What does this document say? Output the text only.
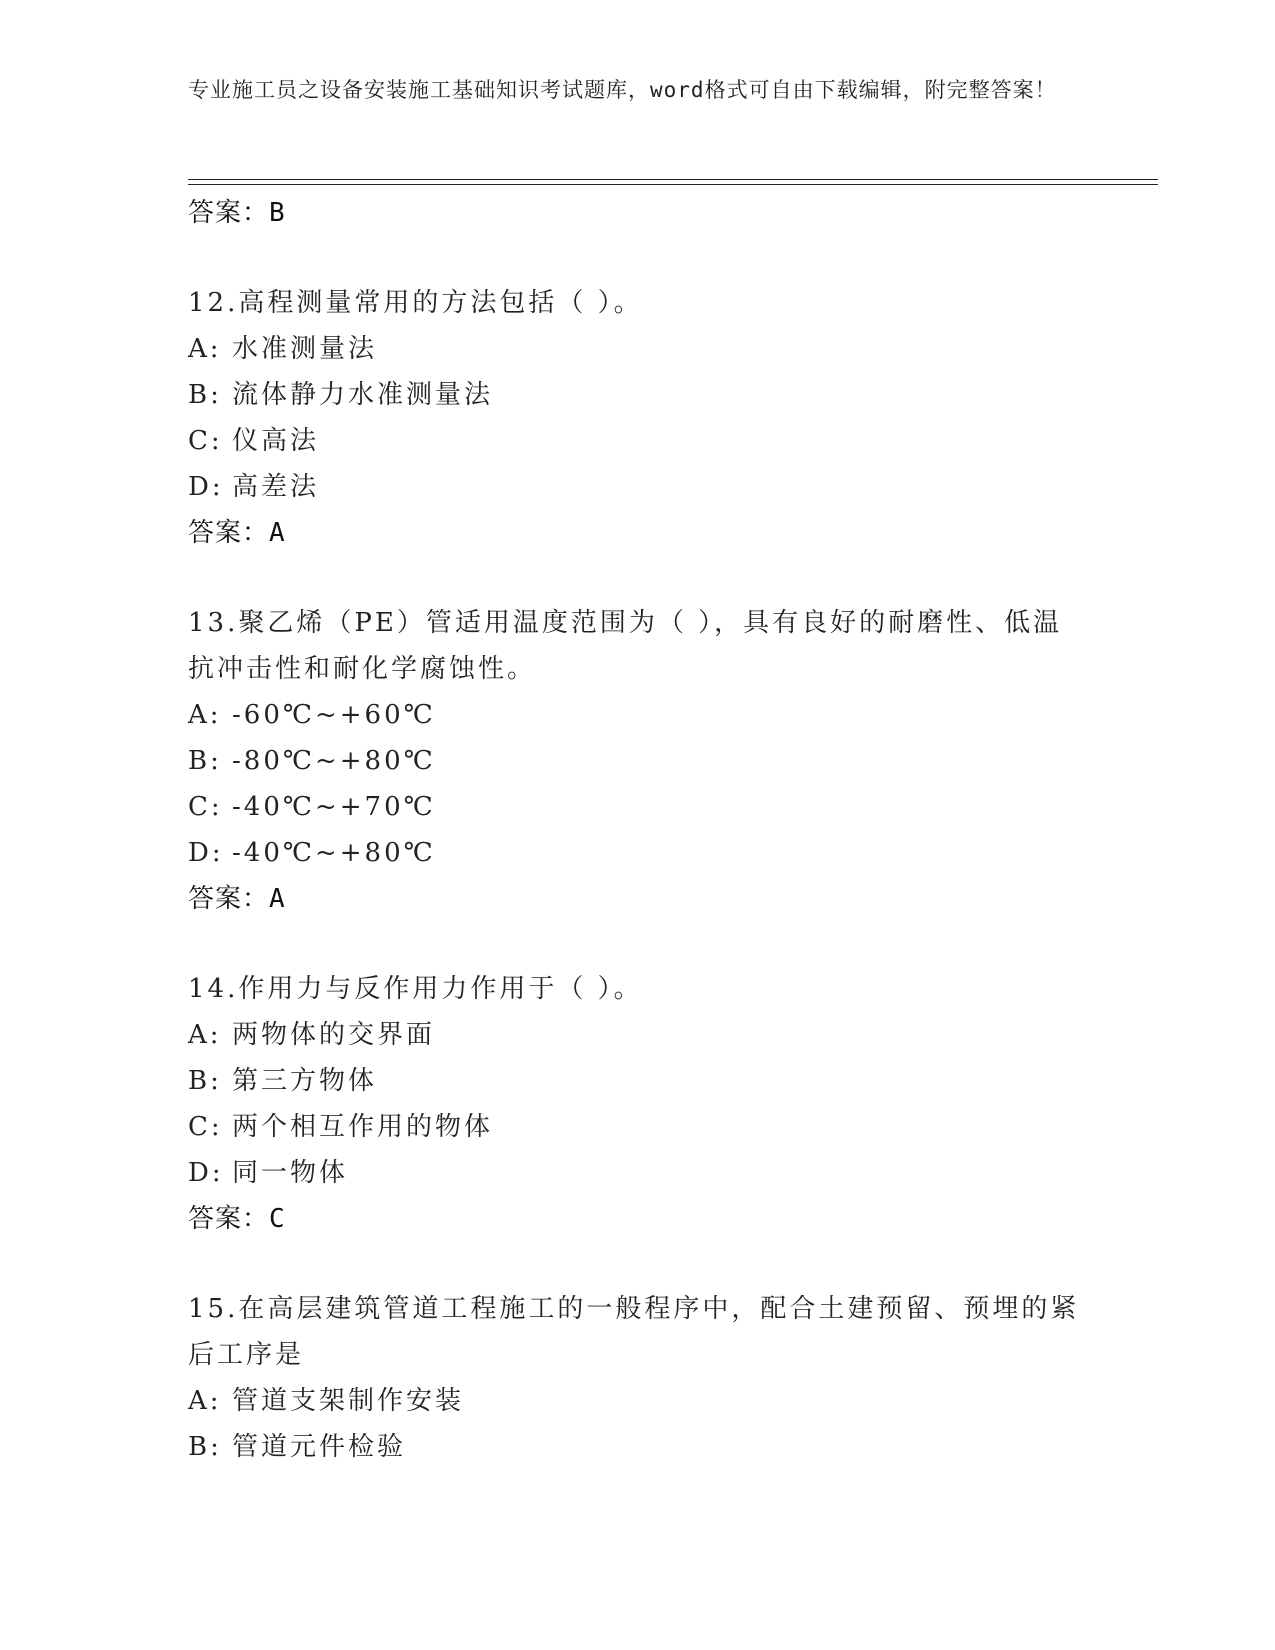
专业施工员之设备安装施工基础知识考试题库，word格式可自由下载编辑，附完整答案！
答案：B
12.高程测量常用的方法包括（ ）。
A: 水准测量法
B: 流体静力水准测量法
C: 仪高法
D: 高差法
答案：A
13.聚乙烯（PE）管适用温度范围为（ ），具有良好的耐磨性、低温抗冲击性和耐化学腐蚀性。
A: -60℃~+60℃
B: -80℃~+80℃
C: -40℃~+70℃
D: -40℃~+80℃
答案：A
14.作用力与反作用力作用于（ ）。
A: 两物体的交界面
B: 第三方物体
C: 两个相互作用的物体
D: 同一物体
答案：C
15.在高层建筑管道工程施工的一般程序中，配合土建预留、预埋的紧后工序是
A: 管道支架制作安装
B: 管道元件检验
